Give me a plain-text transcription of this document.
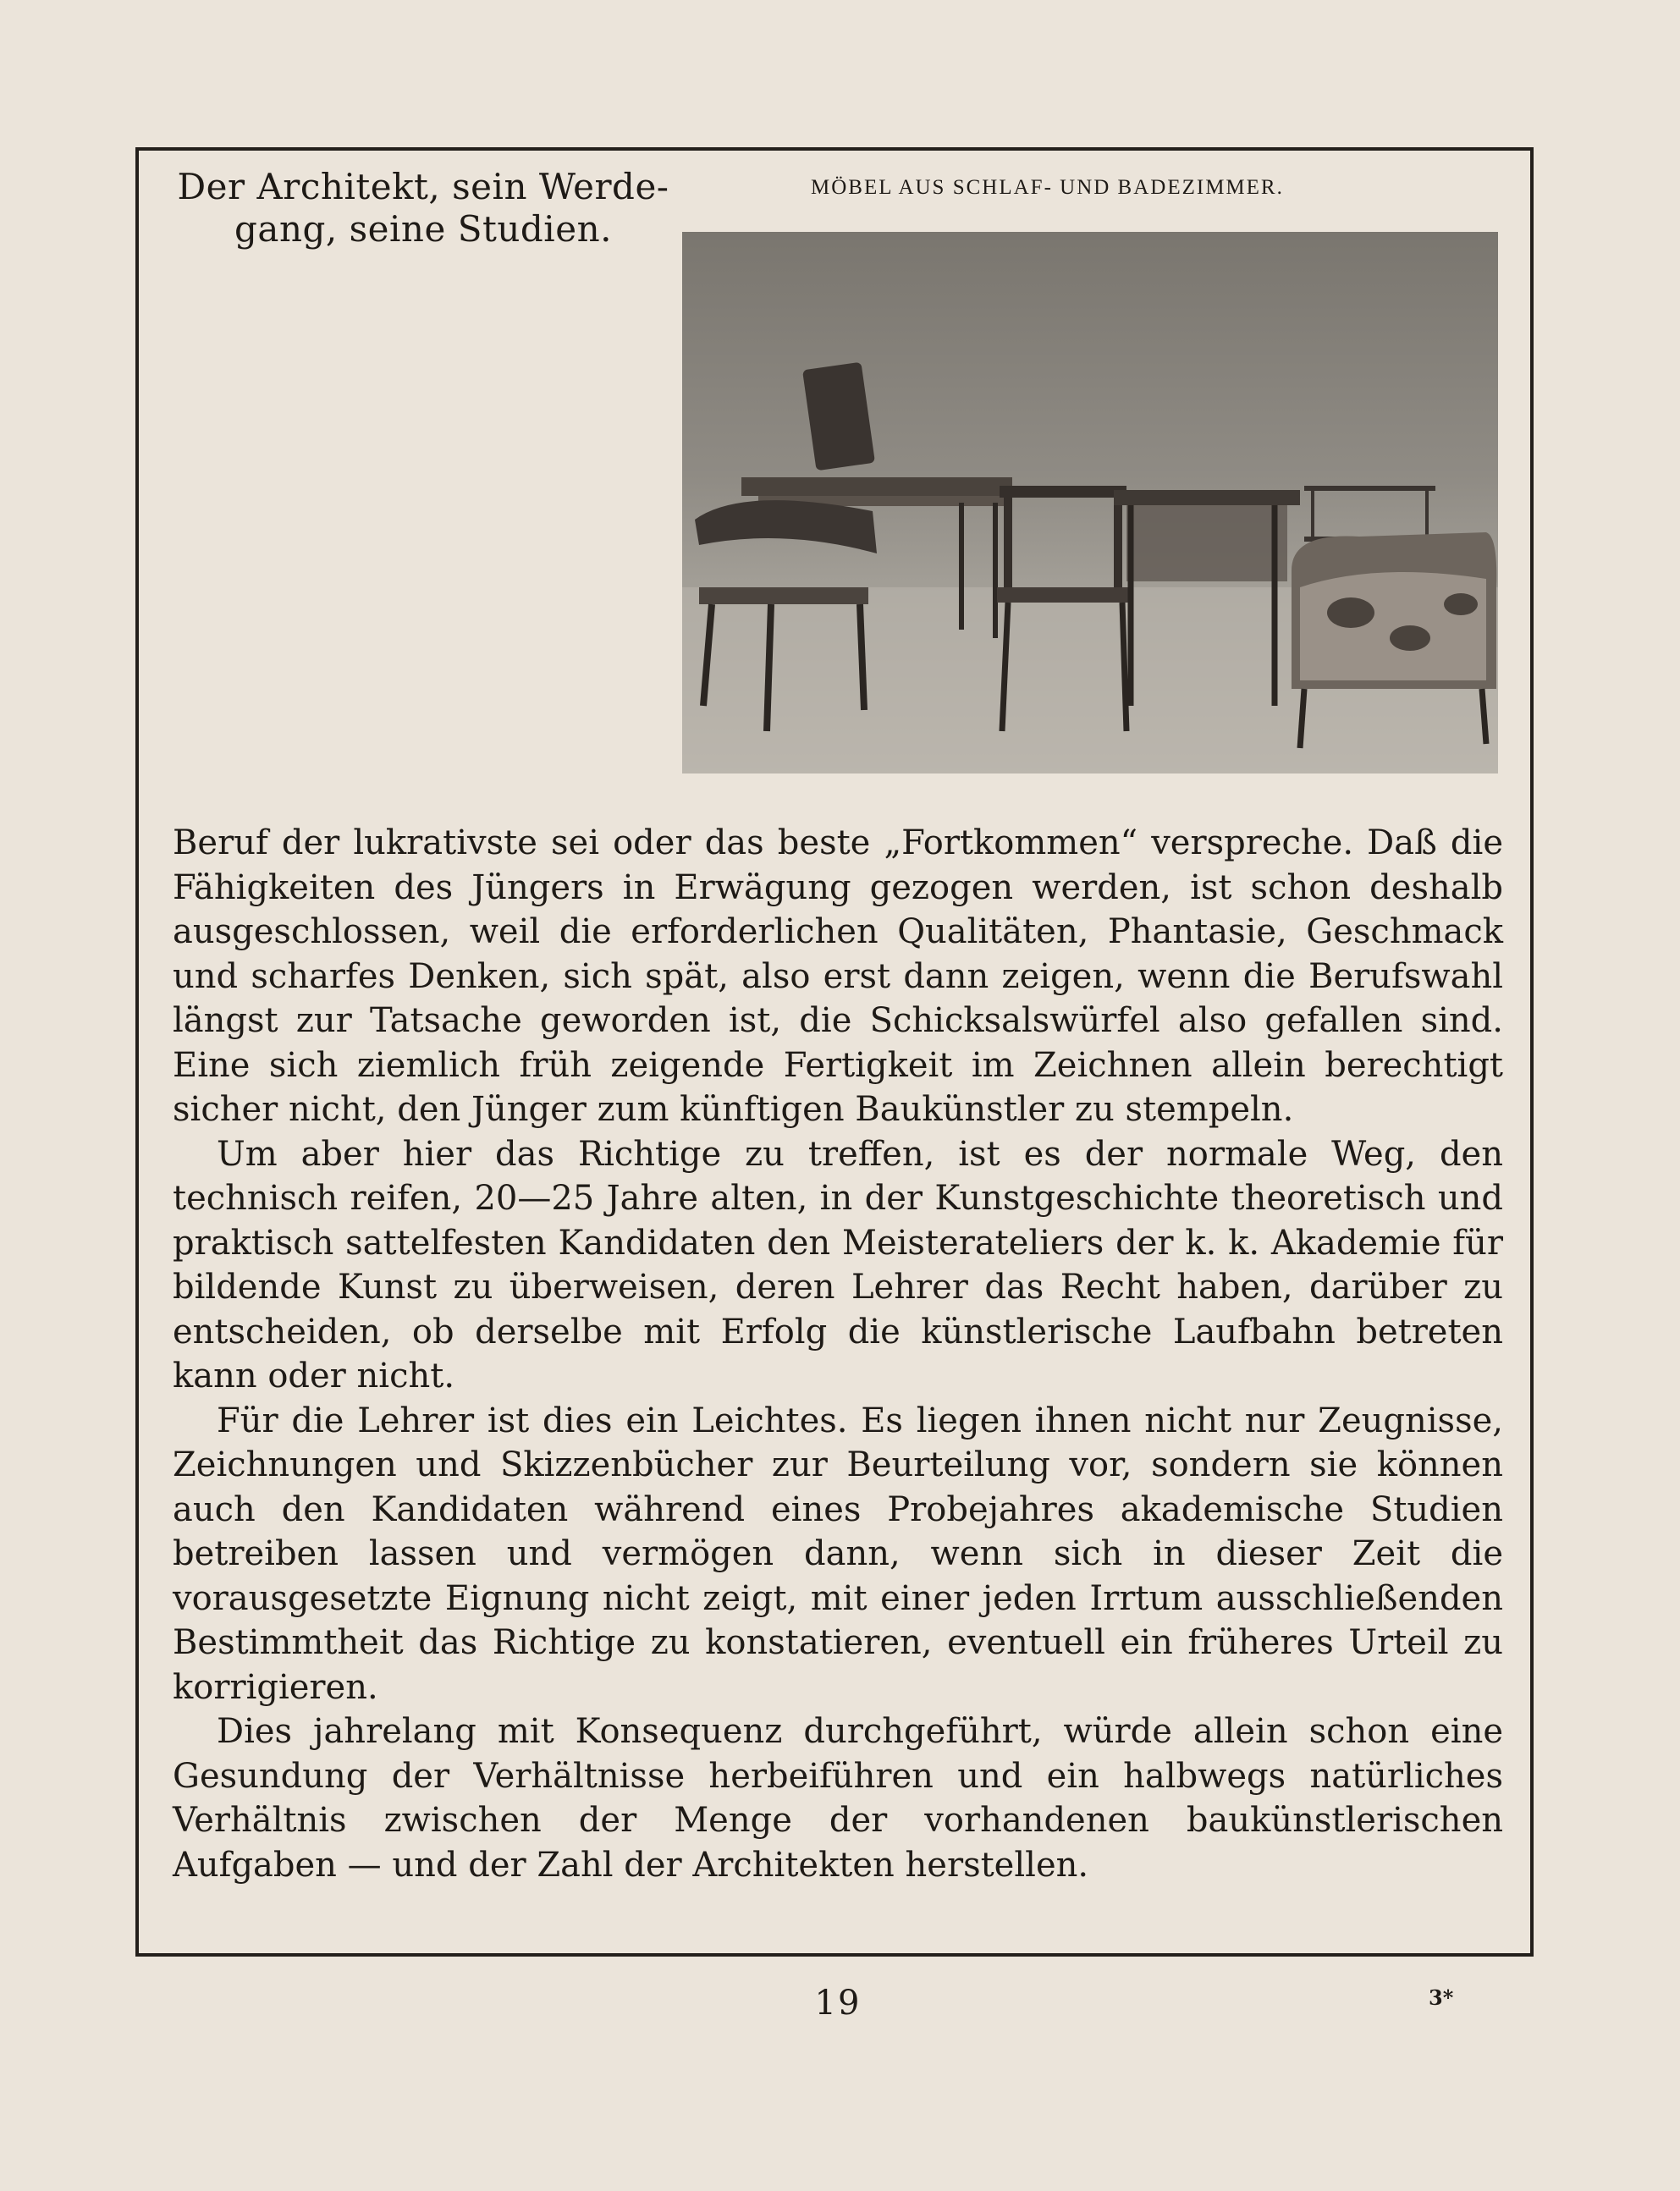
Der Architekt, sein Werde- gang, seine Studien.
MÖBEL AUS SCHLAF- UND BADEZIMMER.

Beruf der lukrativste sei oder das beste „Fortkommen“ verspreche. Daß die Fähigkeiten des Jüngers in Erwägung gezogen werden, ist schon deshalb ausgeschlossen, weil die erforderlichen Qualitäten, Phantasie, Geschmack und scharfes Denken, sich spät, also erst dann zeigen, wenn die Berufswahl längst zur Tatsache geworden ist, die Schicksalswürfel also gefallen sind. Eine sich ziemlich früh zeigende Fertigkeit im Zeichnen allein berechtigt sicher nicht, den Jünger zum künftigen Baukünstler zu stempeln.

Um aber hier das Richtige zu treffen, ist es der normale Weg, den technisch reifen, 20—25 Jahre alten, in der Kunstgeschichte theoretisch und praktisch sattelfesten Kandidaten den Meisterateliers der k. k. Akademie für bildende Kunst zu überweisen, deren Lehrer das Recht haben, darüber zu entscheiden, ob derselbe mit Erfolg die künstlerische Laufbahn betreten kann oder nicht.

Für die Lehrer ist dies ein Leichtes. Es liegen ihnen nicht nur Zeugnisse, Zeichnungen und Skizzenbücher zur Beurteilung vor, sondern sie können auch den Kandidaten während eines Probejahres akademische Studien betreiben lassen und vermögen dann, wenn sich in dieser Zeit die vorausgesetzte Eignung nicht zeigt, mit einer jeden Irrtum ausschließenden Bestimmtheit das Richtige zu konstatieren, eventuell ein früheres Urteil zu korrigieren.

Dies jahrelang mit Konsequenz durchgeführt, würde allein schon eine Gesundung der Verhältnisse herbeiführen und ein halbwegs natürliches Verhältnis zwischen der Menge der vorhandenen baukünstlerischen Aufgaben — und der Zahl der Architekten herstellen.

19	3*
